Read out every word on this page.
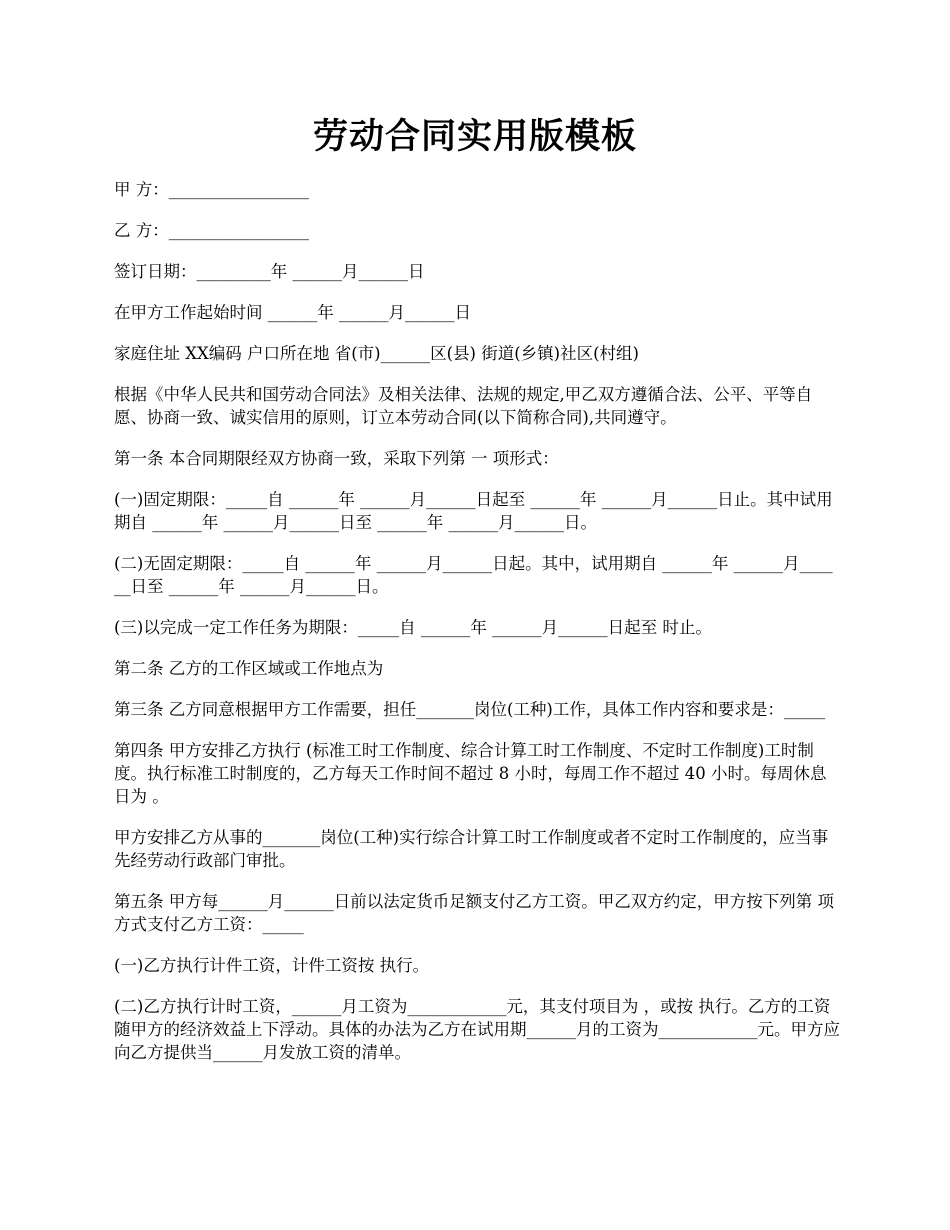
劳动合同实用版模板

甲 方：_________________

乙 方：_________________

签订日期：_________年 ______月______日

在甲方工作起始时间 ______年 ______月______日

家庭住址 XX编码 户口所在地 省(市)______区(县) 街道(乡镇)社区(村组)

根据《中华人民共和国劳动合同法》及相关法律、法规的规定,甲乙双方遵循合法、公平、平等自愿、协商一致、诚实信用的原则，订立本劳动合同(以下简称合同),共同遵守。

第一条 本合同期限经双方协商一致，采取下列第 一 项形式：

(一)固定期限：_____自 ______年 ______月______日起至 ______年 ______月______日止。其中试用期自 ______年 ______月______日至 ______年 ______月______日。

(二)无固定期限：_____自 ______年 ______月______日起。其中，试用期自 ______年 ______月______日至 ______年 ______月______日。

(三)以完成一定工作任务为期限：_____自 ______年 ______月______日起至 时止。

第二条 乙方的工作区域或工作地点为

第三条 乙方同意根据甲方工作需要，担任_______岗位(工种)工作，具体工作内容和要求是：_____

第四条 甲方安排乙方执行 (标准工时工作制度、综合计算工时工作制度、不定时工作制度)工时制度。执行标准工时制度的，乙方每天工作时间不超过 8 小时，每周工作不超过 40 小时。每周休息日为 。

甲方安排乙方从事的_______岗位(工种)实行综合计算工时工作制度或者不定时工作制度的，应当事先经劳动行政部门审批。

第五条 甲方每______月______日前以法定货币足额支付乙方工资。甲乙双方约定，甲方按下列第 项方式支付乙方工资：_____

(一)乙方执行计件工资，计件工资按 执行。

(二)乙方执行计时工资，______月工资为____________元，其支付项目为 ，或按 执行。乙方的工资随甲方的经济效益上下浮动。具体的办法为乙方在试用期______月的工资为____________元。甲方应向乙方提供当______月发放工资的清单。
